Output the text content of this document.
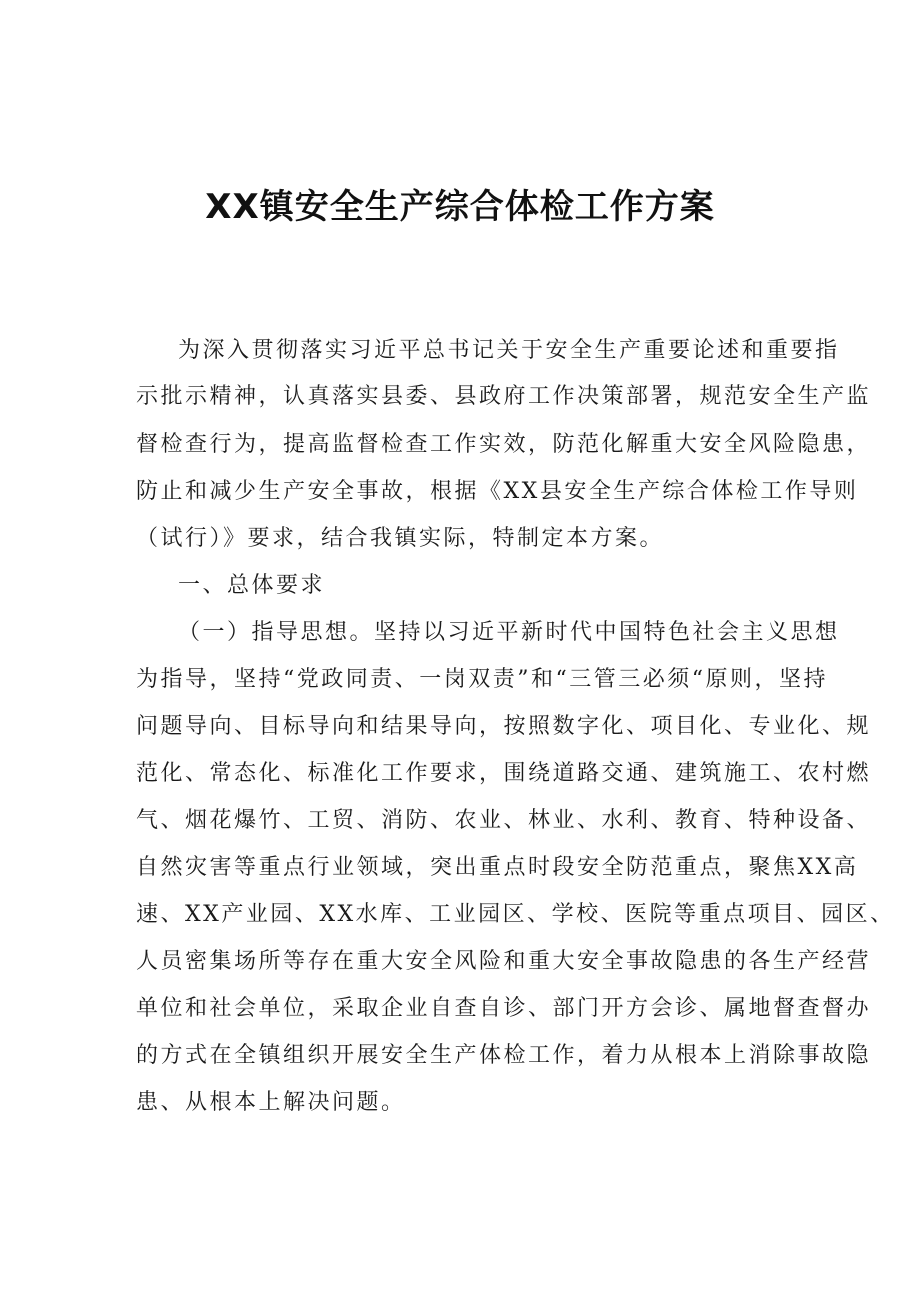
XX镇安全生产综合体检工作方案
为深入贯彻落实习近平总书记关于安全生产重要论述和重要指
示批示精神，认真落实县委、县政府工作决策部署，规范安全生产监
督检查行为，提高监督检查工作实效，防范化解重大安全风险隐患，
防止和减少生产安全事故，根据《XX县安全生产综合体检工作导则
（试行）》要求，结合我镇实际，特制定本方案。
一、总体要求
（一）指导思想。坚持以习近平新时代中国特色社会主义思想
为指导，坚持“党政同责、一岗双责”和“三管三必须“原则，坚持
问题导向、目标导向和结果导向，按照数字化、项目化、专业化、规
范化、常态化、标准化工作要求，围绕道路交通、建筑施工、农村燃
气、烟花爆竹、工贸、消防、农业、林业、水利、教育、特种设备、
自然灾害等重点行业领域，突出重点时段安全防范重点，聚焦XX高
速、XX产业园、XX水库、工业园区、学校、医院等重点项目、园区、
人员密集场所等存在重大安全风险和重大安全事故隐患的各生产经营
单位和社会单位，采取企业自查自诊、部门开方会诊、属地督查督办
的方式在全镇组织开展安全生产体检工作，着力从根本上消除事故隐
患、从根本上解决问题。
